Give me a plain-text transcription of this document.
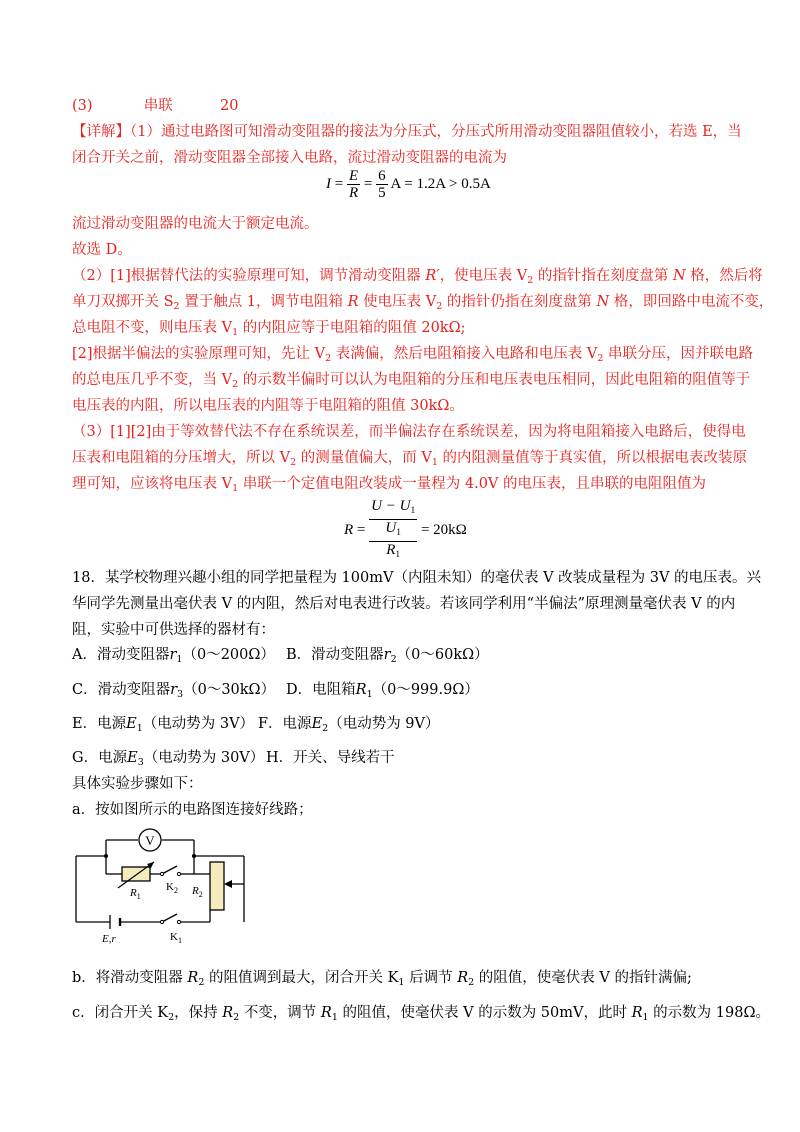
(3)	串联	20
【详解】（1）通过电路图可知滑动变阻器的接法为分压式，分压式所用滑动变阻器阻值较小，若选 E，当
闭合开关之前，滑动变阻器全部接入电路，流过滑动变阻器的电流为
$I = \frac{E}{R} = \frac{6}{5}$ A = 1.2A > 0.5A
流过滑动变阻器的电流大于额定电流。
故选 D。
（2）[1]根据替代法的实验原理可知，调节滑动变阻器 R′，使电压表 $V_2$ 的指针指在刻度盘第 N 格，然后将
单刀双掷开关 $S_2$ 置于触点 1，调节电阻箱 R 使电压表 $V_2$ 的指针仍指在刻度盘第 N 格，即回路中电流不变，
总电阻不变，则电压表 $V_1$ 的内阻应等于电阻箱的阻值 20kΩ;
[2]根据半偏法的实验原理可知，先让 $V_2$ 表满偏，然后电阻箱接入电路和电压表 $V_2$ 串联分压，因并联电路
的总电压几乎不变，当 $V_2$ 的示数半偏时可以认为电阻箱的分压和电压表电压相同，因此电阻箱的阻值等于
电压表的内阻，所以电压表的内阻等于电阻箱的阻值 30kΩ。
（3）[1][2]由于等效替代法不存在系统误差，而半偏法存在系统误差，因为将电阻箱接入电路后，使得电
压表和电阻箱的分压增大，所以 $V_2$ 的测量值偏大，而 $V_1$ 的内阻测量值等于真实值，所以根据电表改装原
理可知，应该将电压表 $V_1$ 串联一个定值电阻改装成一量程为 4.0V 的电压表，且串联的电阻阻值为
R =
$U - U_1$
$U_1$
$R_1$
= 20kΩ
18．某学校物理兴趣小组的同学把量程为 100mV（内阻未知）的毫伏表 V 改装成量程为 3V 的电压表。兴
华同学先测量出毫伏表 V 的内阻，然后对电表进行改装。若该同学利用“半偏法”原理测量毫伏表 V 的内
阻，实验中可供选择的器材有：
A．滑动变阻器$r_1(0\sim 200\Omega)$ B．滑动变阻器$r_2(0\sim 60k\Omega)$
C．滑动变阻器$r_3(0\sim 30k\Omega)$ D．电阻箱$R_1(0\sim 999.9\Omega)$
E．电源$E_1$（电动势为 3V） F．电源$E_2$（电动势为 9V）
G．电源$E_3$（电动势为 30V） H．开关、导线若干
具体实验步骤如下：
a．按如图所示的电路图连接好线路；
V
$R_1$
$K_2$ $R_2$
E,r	$K_1$
b．将滑动变阻器 $R_2$ 的阻值调到最大，闭合开关 $K_1$ 后调节 $R_2$ 的阻值，使毫伏表 V 的指针满偏;
c．闭合开关 $K_2$，保持 $R_2$ 不变，调节 $R_1$ 的阻值，使毫伏表 V 的示数为 50mV，此时 $R_1$ 的示数为 198Ω。
